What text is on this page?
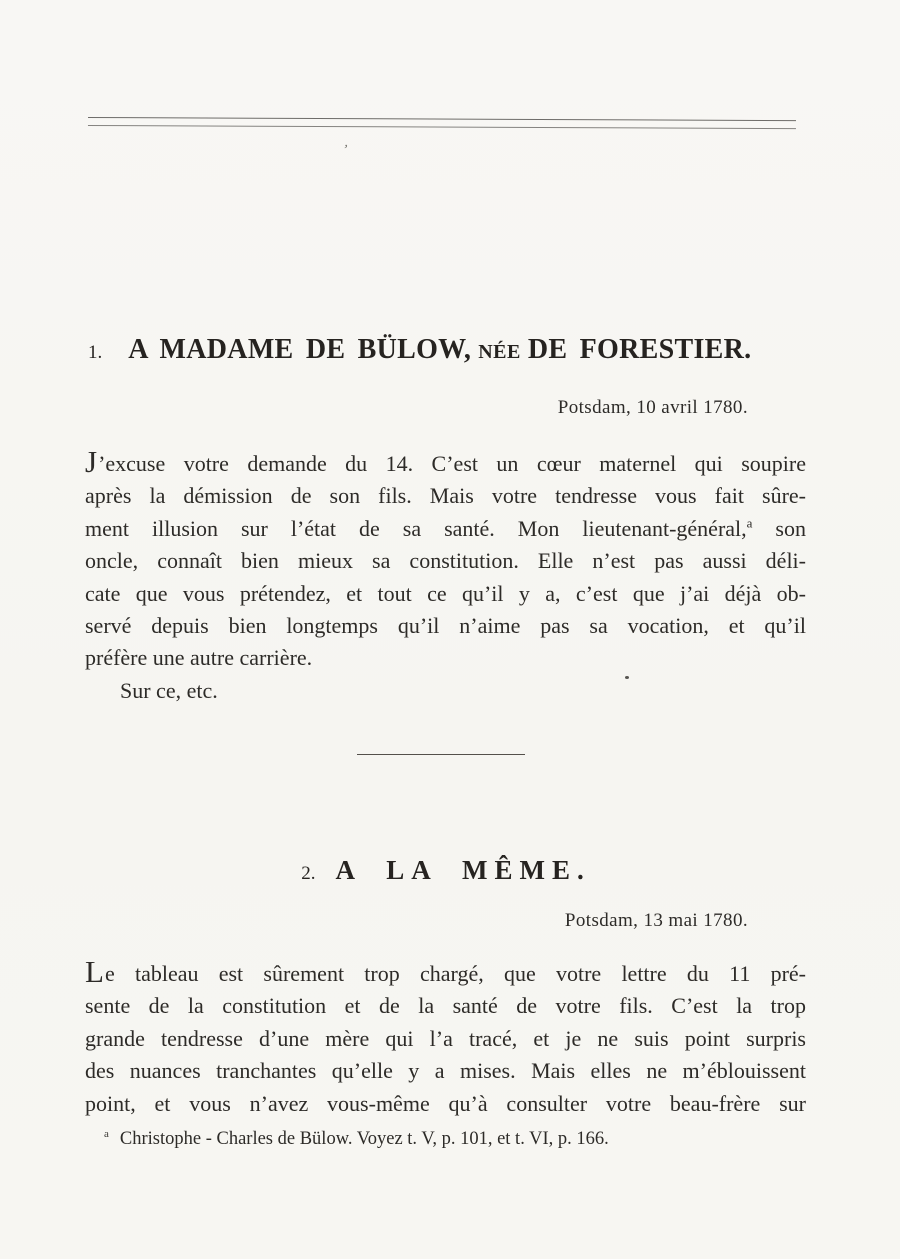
’
1. A MADAME DE BÜLOW, NÉE DE FORESTIER.
Potsdam, 10 avril 1780.
J’excuse votre demande du 14. C’est un cœur maternel qui soupire
après la démission de son fils. Mais votre tendresse vous fait sûre-
ment illusion sur l’état de sa santé. Mon lieutenant-général,$^a$ son
oncle, connaît bien mieux sa constitution. Elle n’est pas aussi déli-
cate que vous prétendez, et tout ce qu’il y a, c’est que j’ai déjà ob-
servé depuis bien longtemps qu’il n’aime pas sa vocation, et qu’il
préfère une autre carrière.
Sur ce, etc.
2. A LA MÊME.
Potsdam, 13 mai 1780.
Le tableau est sûrement trop chargé, que votre lettre du 11 pré-
sente de la constitution et de la santé de votre fils. C’est la trop
grande tendresse d’une mère qui l’a tracé, et je ne suis point surpris
des nuances tranchantes qu’elle y a mises. Mais elles ne m’éblouissent
point, et vous n’avez vous-même qu’à consulter votre beau-frère sur
$^a$ Christophe - Charles de Bülow. Voyez t. V, p. 101, et t. VI, p. 166.
